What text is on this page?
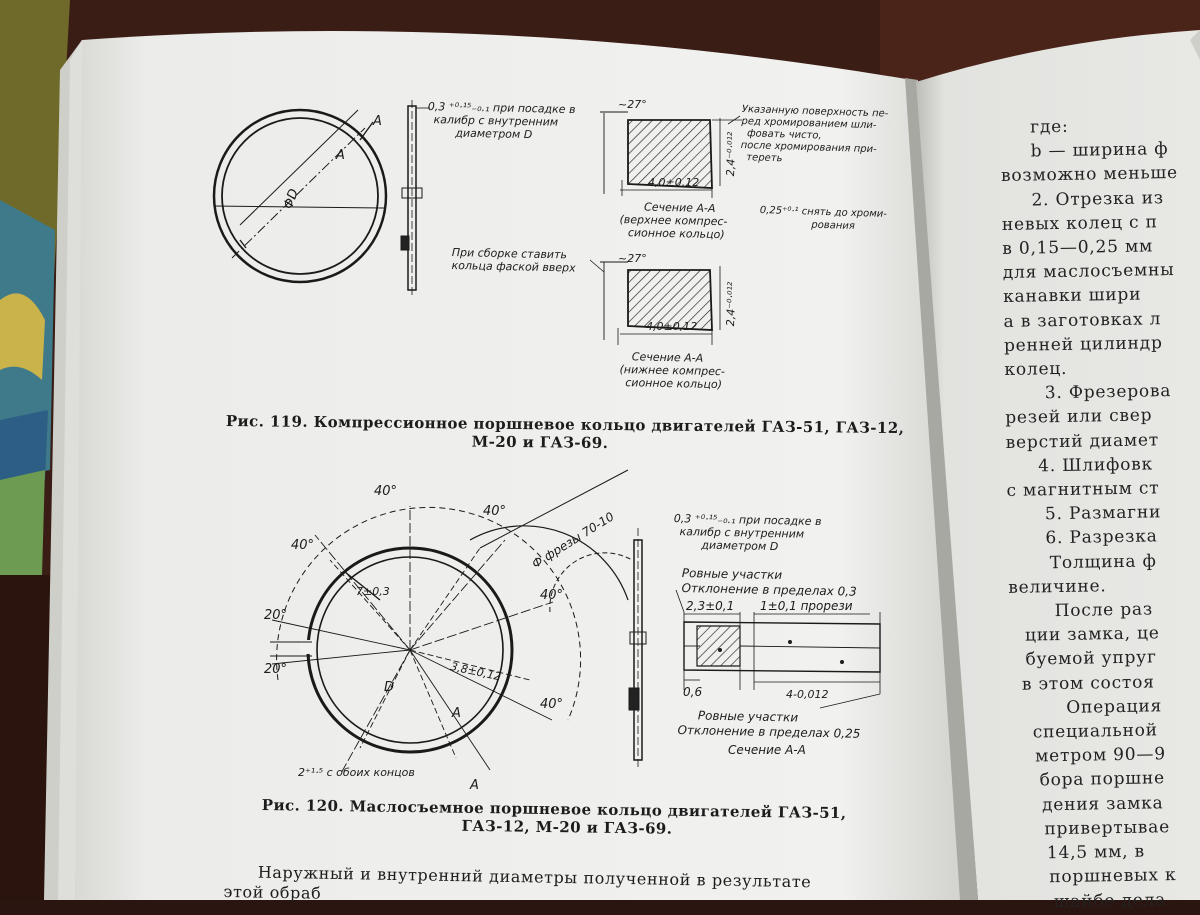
0,3 ⁺⁰·¹⁵₋₀.₁ при посадке в
калибр с внутренним
диаметром D
A
A
ΦD
При сборке ставить
кольца фаской вверх
~27°
~27°
2,4⁻⁰·⁰¹²
2,4⁻⁰·⁰¹²
4,0±0,12
4,0±0,12
Указанную поверхность пе-
ред хромированием шли-
фовать чисто,
после хромирования при-
тереть
0,25⁺⁰·¹ снять до хроми-
рования
Сечение А-А
(верхнее компрес-
сионное кольцо)
Сечение А-А
(нижнее компрес-
сионное кольцо)
Рис. 119. Компрессионное поршневое кольцо двигателей ГАЗ-51, ГАЗ-12,
М-20 и ГАЗ-69.
40°
40°
40°
40°
40°
20°
20°
Ф фрезы 70-10
7±0,3
3,8±0,12
D
A
A
2⁺¹·⁵ с обоих концов
0,3 ⁺⁰·¹⁵₋₀.₁ при посадке в
калибр с внутренним
диаметром D
Ровные участки
Отклонение в пределах 0,3
2,3±0,1 1±0,1 прорези
0,6	4-0,012
Ровные участки
Отклонение в пределах 0,25
Сечение А-А
Рис. 120. Маслосъемное поршневое кольцо двигателей ГАЗ-51,
ГАЗ-12, М-20 и ГАЗ-69.
Наружный и внутренний диаметры полученной в результате
этой обраб
где:
b — ширина ф
возможно меньше
2. Отрезка из
невых колец с п
в 0,15—0,25 мм
для маслосъемны
канавки шири
а в заготовках л
ренней цилиндр
колец.
3. Фрезерова
резей или свер
верстий диамет
4. Шлифовк
с магнитным ст
5. Размагни
6. Разрезка
Толщина ф
величине.
После раз
ции замка, це
буемой упруг
в этом состоя
Операция
специальной
метром 90—9
бора поршне
дения замка
привертывае
14,5 мм, в
поршневых к
шайбе дела
